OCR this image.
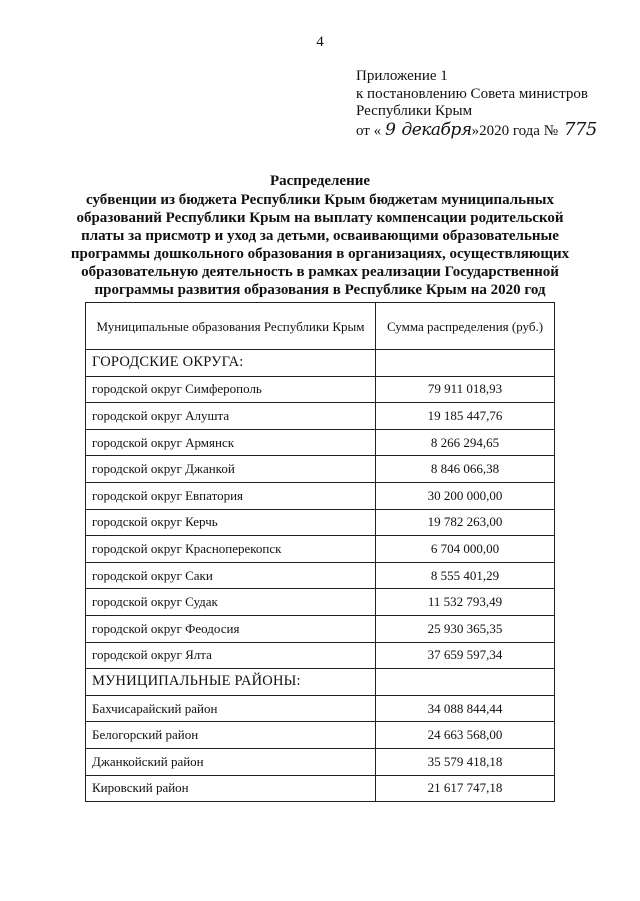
4
Приложение 1
к постановлению Совета министров
Республики Крым
от « 9 декабря»2020 года № 775
Распределение
субвенции из бюджета Республики Крым бюджетам муниципальных образований Республики Крым на выплату компенсации родительской платы за присмотр и уход за детьми, осваивающими образовательные программы дошкольного образования в организациях, осуществляющих образовательную деятельность в рамках реализации Государственной программы развития образования в Республике Крым на 2020 год
Муниципальные образования Республики Крым	Сумма распределения (руб.)
ГОРОДСКИЕ ОКРУГА:	
городской округ Симферополь	79 911 018,93
городской округ Алушта	19 185 447,76
городской округ Армянск	8 266 294,65
городской округ Джанкой	8 846 066,38
городской округ Евпатория	30 200 000,00
городской округ Керчь	19 782 263,00
городской округ Красноперекопск	6 704 000,00
городской округ Саки	8 555 401,29
городской округ Судак	11 532 793,49
городской округ Феодосия	25 930 365,35
городской округ Ялта	37 659 597,34
МУНИЦИПАЛЬНЫЕ РАЙОНЫ:	
Бахчисарайский район	34 088 844,44
Белогорский район	24 663 568,00
Джанкойский район	35 579 418,18
Кировский район	21 617 747,18
